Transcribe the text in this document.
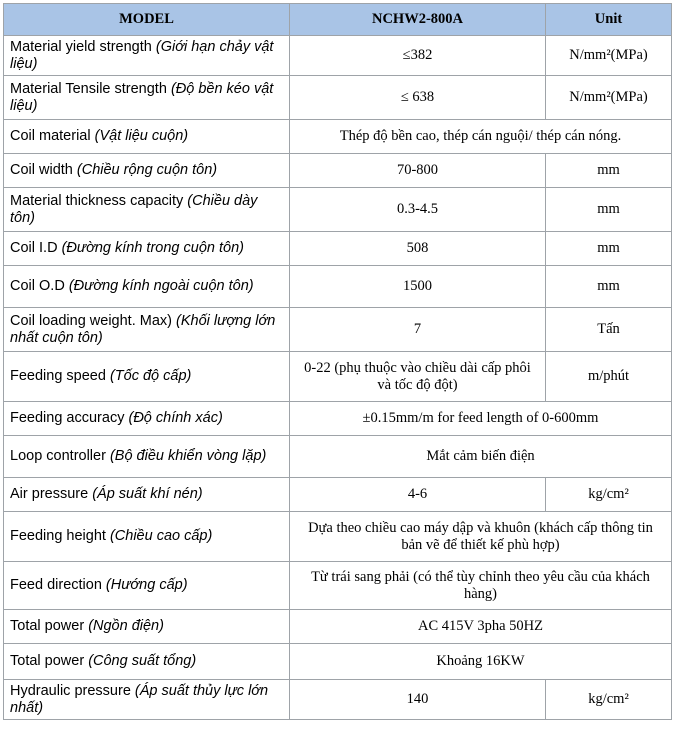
MODEL	NCHW2-800A	Unit
Material yield strength (Giới hạn chảy vật liệu)	≤382	N/mm²(MPa)
Material Tensile strength (Độ bền kéo vật liệu)	≤ 638	N/mm²(MPa)
Coil material (Vật liệu cuộn)	Thép độ bền cao, thép cán nguội/ thép cán nóng.	
Coil width (Chiều rộng cuộn tôn)	70-800	mm
Material thickness capacity (Chiều dày tôn)	0.3-4.5	mm
Coil I.D (Đường kính trong cuộn tôn)	508	mm
Coil O.D (Đường kính ngoài cuộn tôn)	1500	mm
Coil loading weight. Max) (Khối lượng lớn nhất cuộn tôn)	7	Tấn
Feeding speed (Tốc độ cấp)	0-22 (phụ thuộc vào chiều dài cấp phôi và tốc độ đột)	m/phút
Feeding accuracy (Độ chính xác)	±0.15mm/m for feed length of 0-600mm	
Loop controller (Bộ điều khiển vòng lặp)	Mắt cảm biến điện	
Air pressure (Áp suất khí nén)	4-6	kg/cm²
Feeding height (Chiều cao cấp)	Dựa theo chiều cao máy dập và khuôn (khách cấp thông tin bản vẽ để thiết kế phù hợp)	
Feed direction (Hướng cấp)	Từ trái sang phải (có thể tùy chỉnh theo yêu cầu của khách hàng)	
Total power (Ngồn điện)	AC 415V 3pha 50HZ	
Total power (Công suất tổng)	Khoảng 16KW	
Hydraulic pressure (Áp suất thủy lực lớn nhất)	140	kg/cm²
